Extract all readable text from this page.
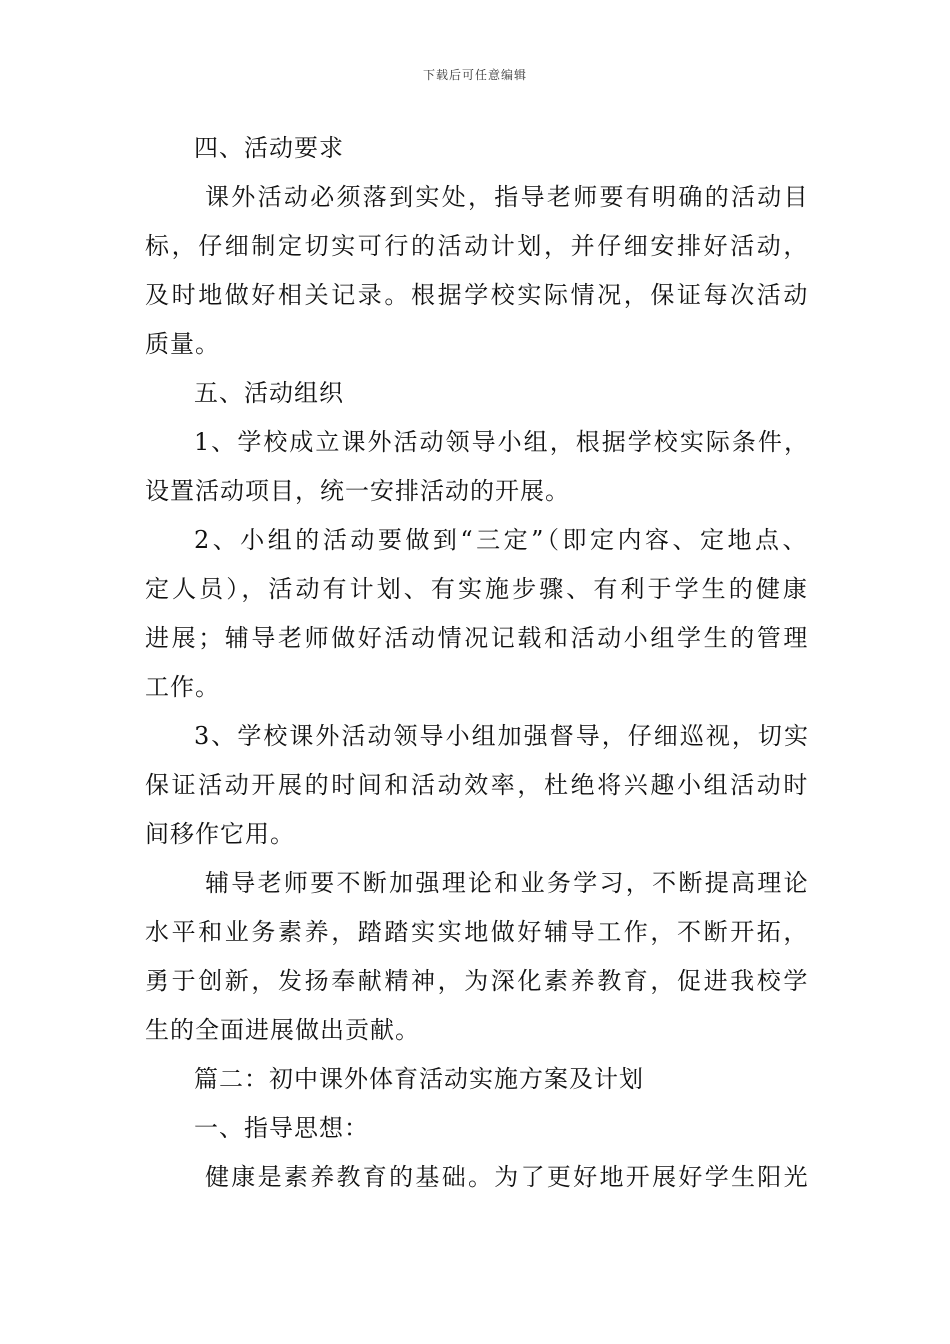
下载后可任意编辑
四、活动要求
课外活动必须落到实处，指导老师要有明确的活动目
标，仔细制定切实可行的活动计划，并仔细安排好活动，
及时地做好相关记录。根据学校实际情况，保证每次活动
质量。
五、活动组织
1、学校成立课外活动领导小组，根据学校实际条件，
设置活动项目，统一安排活动的开展。
2、小组的活动要做到“三定”（即定内容、定地点、
定人员），活动有计划、有实施步骤、有利于学生的健康
进展；辅导老师做好活动情况记载和活动小组学生的管理
工作。
3、学校课外活动领导小组加强督导，仔细巡视，切实
保证活动开展的时间和活动效率，杜绝将兴趣小组活动时
间移作它用。
辅导老师要不断加强理论和业务学习，不断提高理论
水平和业务素养，踏踏实实地做好辅导工作，不断开拓，
勇于创新，发扬奉献精神，为深化素养教育，促进我校学
生的全面进展做出贡献。
篇二：初中课外体育活动实施方案及计划
一、指导思想：
健康是素养教育的基础。为了更好地开展好学生阳光
